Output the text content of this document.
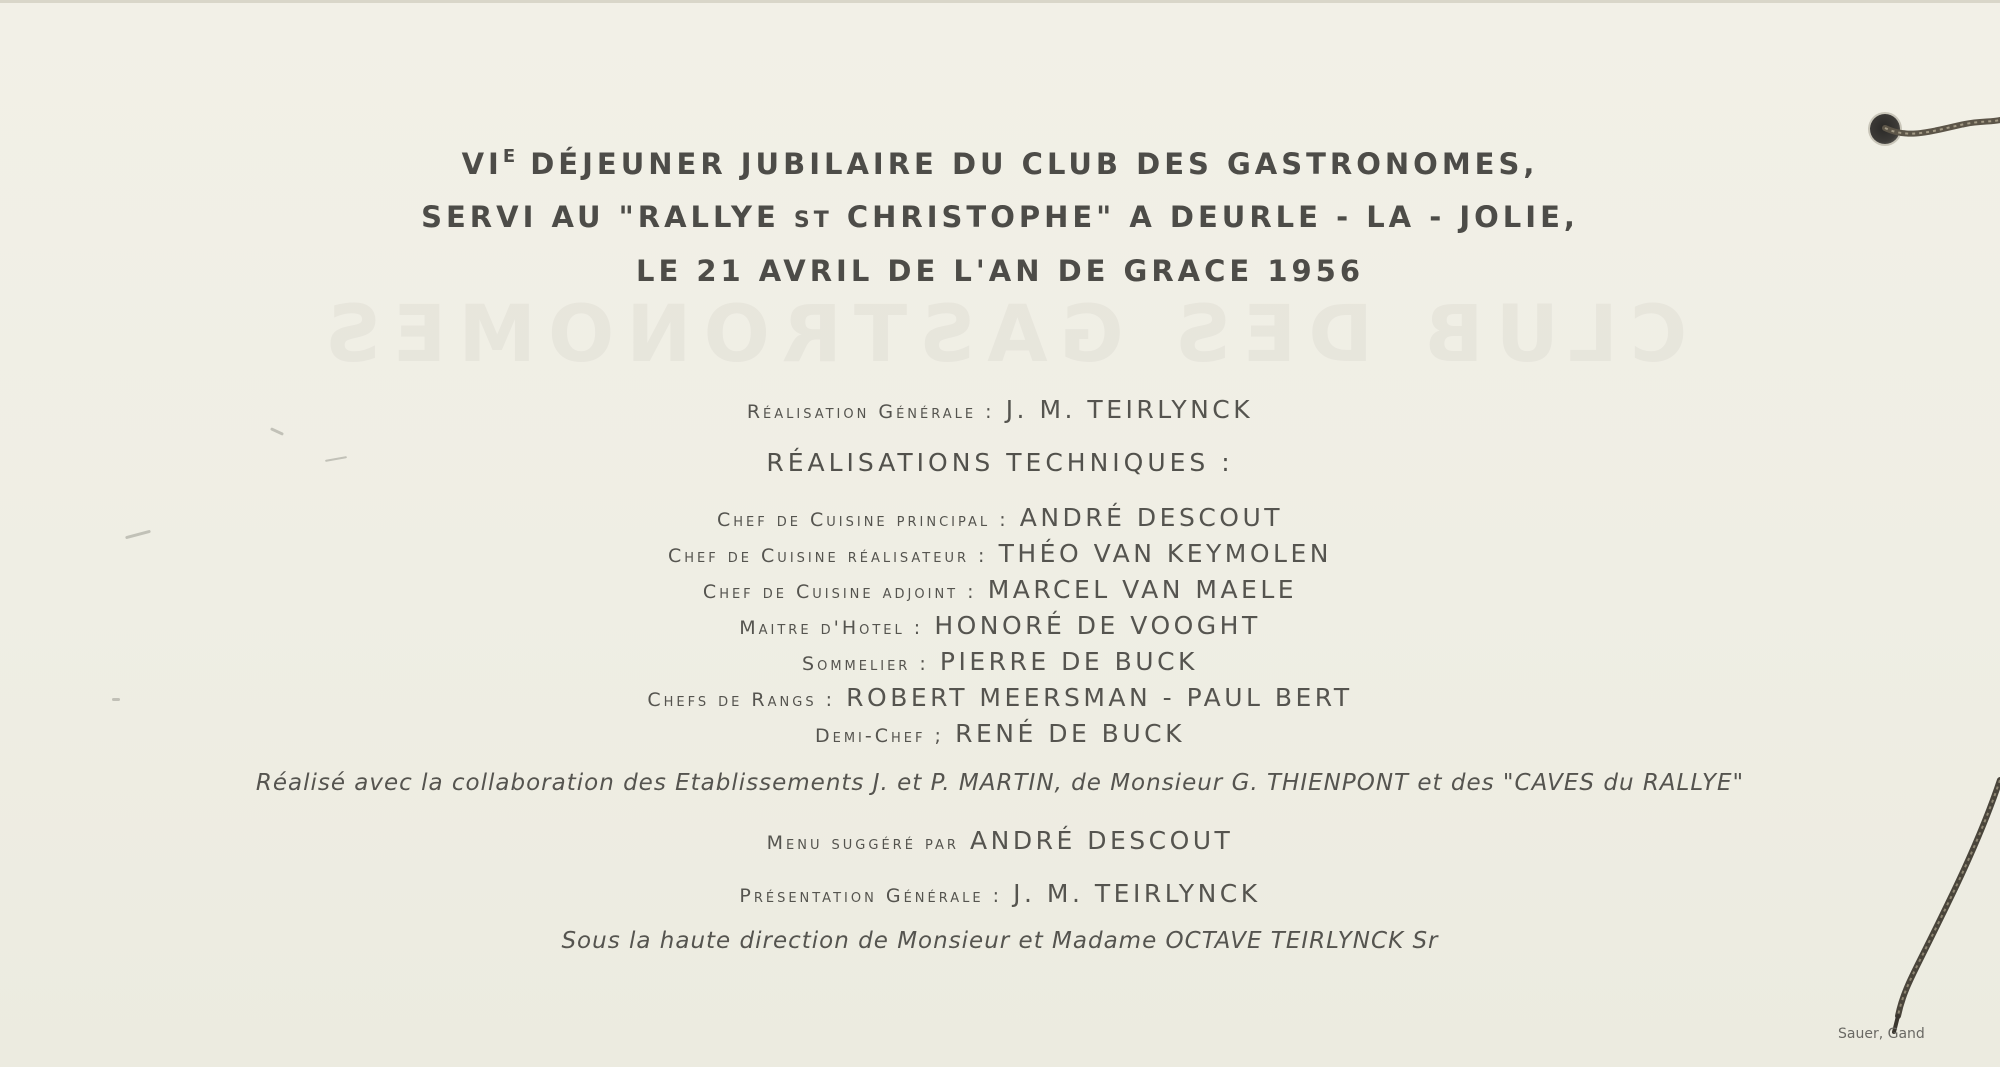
CLUB DES GASTRONOMES
$VI^E$ DÉJEUNER JUBILAIRE DU CLUB DES GASTRONOMES,
SERVI AU "RALLYE ST CHRISTOPHE" A DEURLE - LA - JOLIE,
LE 21 AVRIL DE L'AN DE GRACE 1956
Réalisation Générale : J. M. TEIRLYNCK
RÉALISATIONS TECHNIQUES :
Chef de Cuisine principal : ANDRÉ DESCOUT
Chef de Cuisine réalisateur : THÉO VAN KEYMOLEN
Chef de Cuisine adjoint : MARCEL VAN MAELE
Maitre d'Hotel : HONORÉ DE VOOGHT
Sommelier : PIERRE DE BUCK
Chefs de Rangs : ROBERT MEERSMAN - PAUL BERT
Demi-Chef ; RENÉ DE BUCK
Réalisé avec la collaboration des Etablissements J. et P. MARTIN, de Monsieur G. THIENPONT et des "CAVES du RALLYE"
Menu suggéré par ANDRÉ DESCOUT
Présentation Générale : J. M. TEIRLYNCK
Sous la haute direction de Monsieur et Madame OCTAVE TEIRLYNCK Sr
Sauer, Gand
